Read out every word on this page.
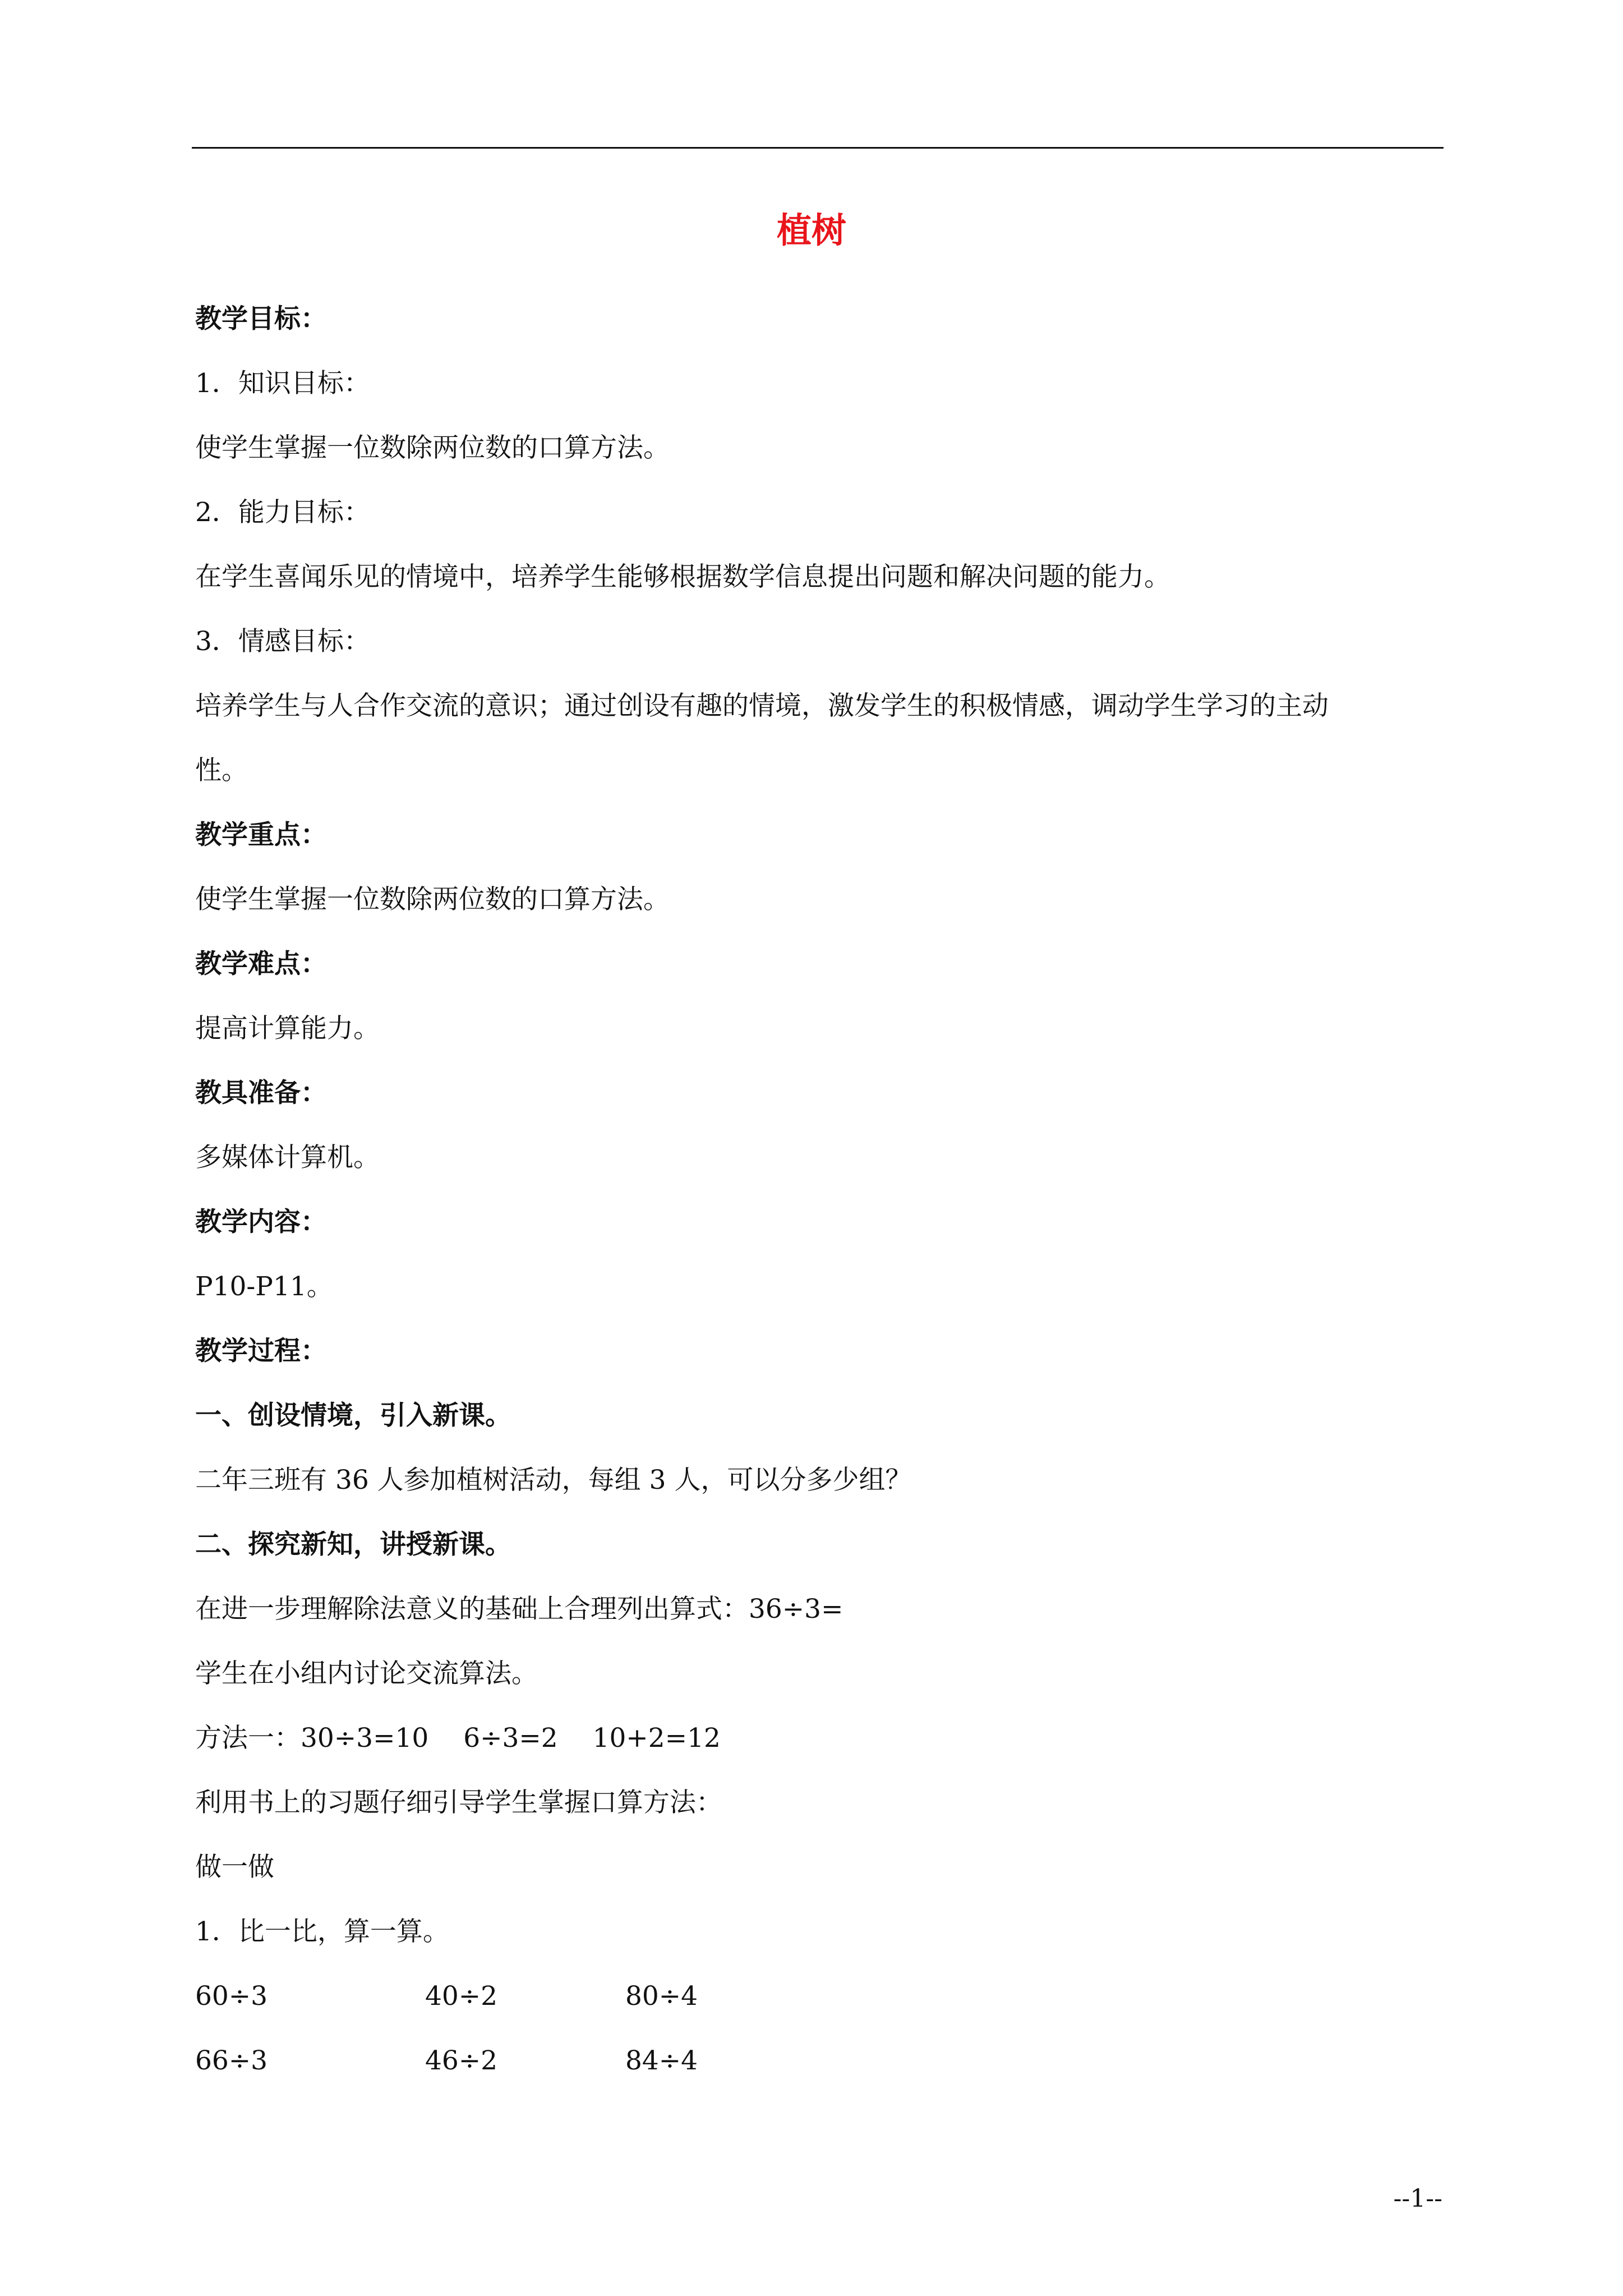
植树
教学目标：
1．知识目标：
使学生掌握一位数除两位数的口算方法。
2．能力目标：
在学生喜闻乐见的情境中，培养学生能够根据数学信息提出问题和解决问题的能力。
3．情感目标：
培养学生与人合作交流的意识；通过创设有趣的情境，激发学生的积极情感，调动学生学习的主动
性。
教学重点：
使学生掌握一位数除两位数的口算方法。
教学难点：
提高计算能力。
教具准备：
多媒体计算机。
教学内容：
P10-P11。
教学过程：
一、创设情境，引入新课。
二年三班有 36 人参加植树活动，每组 3 人，可以分多少组？
二、探究新知，讲授新课。
在进一步理解除法意义的基础上合理列出算式：36÷3=
学生在小组内讨论交流算法。
方法一：30÷3=10　 6÷3=2　 10+2=12
利用书上的习题仔细引导学生掌握口算方法：
做一做
1．比一比，算一算。
60÷3	40÷2	80÷4
66÷3	46÷2	84÷4
--1--
